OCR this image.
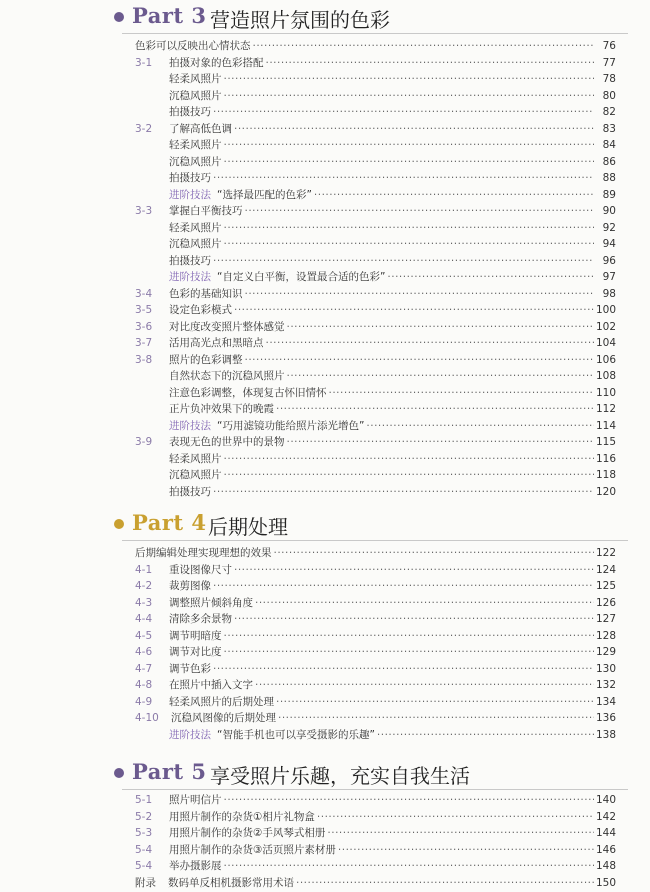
Part 3 营造照片氛围的色彩
色彩可以反映出心情状态 ·····	76
3-1	拍摄对象的色彩搭配 ·····	77
轻柔风照片 ·····	78
沉稳风照片 ·····	80
拍摄技巧 ·····	82
3-2	了解高低色调 ·····	83
轻柔风照片 ·····	84
沉稳风照片 ·····	86
拍摄技巧 ·····	88
进阶技法 “选择最匹配的色彩” ·····	89
3-3	掌握白平衡技巧 ·····	90
轻柔风照片 ·····	92
沉稳风照片 ·····	94
拍摄技巧 ·····	96
进阶技法 “自定义白平衡，设置最合适的色彩” ·····	97
3-4	色彩的基础知识 ·····	98
3-5	设定色彩模式 ·····	100
3-6	对比度改变照片整体感觉 ·····	102
3-7	活用高光点和黑暗点 ·····	104
3-8	照片的色彩调整 ·····	106
自然状态下的沉稳风照片 ·····	108
注意色彩调整，体现复古怀旧情怀 ·····	110
正片负冲效果下的晚霞 ·····	112
进阶技法 “巧用滤镜功能给照片添光增色” ·····	114
3-9	表现无色的世界中的景物 ·····	115
轻柔风照片 ·····	116
沉稳风照片 ·····	118
拍摄技巧 ·····	120
Part 4 后期处理
后期编辑处理实现理想的效果 ·····	122
4-1	重设图像尺寸 ·····	124
4-2	裁剪图像 ·····	125
4-3	调整照片倾斜角度 ·····	126
4-4	清除多余景物 ·····	127
4-5	调节明暗度 ·····	128
4-6	调节对比度 ·····	129
4-7	调节色彩 ·····	130
4-8	在照片中插入文字 ·····	132
4-9	轻柔风照片的后期处理 ·····	134
4-10	沉稳风图像的后期处理 ·····	136
进阶技法 “智能手机也可以享受摄影的乐趣” ·····	138
Part 5 享受照片乐趣，充实自我生活
5-1	照片明信片 ·····	140
5-2	用照片制作的杂货①相片礼物盒 ·····	142
5-3	用照片制作的杂货②手风琴式相册 ·····	144
5-4	用照片制作的杂货③活页照片素材册 ·····	146
5-4	举办摄影展 ·····	148
附录 数码单反相机摄影常用术语 ·····	150
